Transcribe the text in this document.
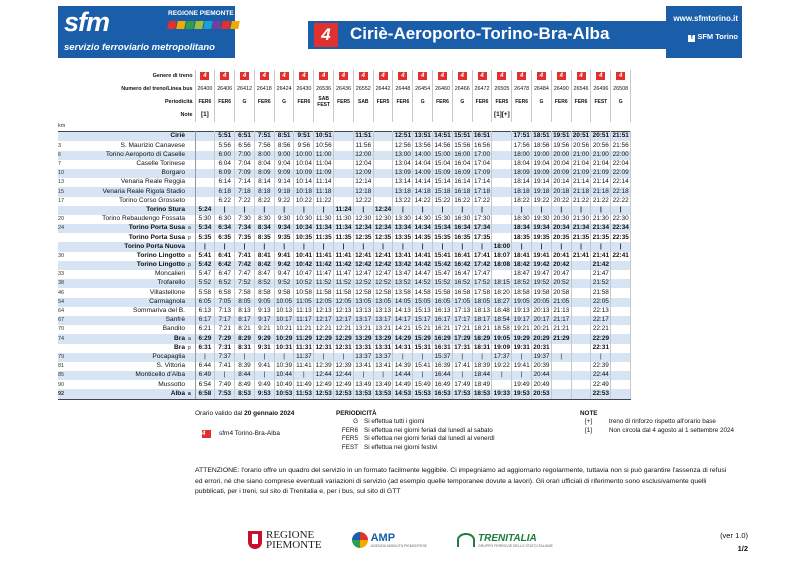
sfm	REGIONE PIEMONTE
servizio ferroviario metropolitano
4	Ciriè-Aeroporto-Torino-Bra-Alba
www.sfmtorino.it
f SFM Torino
	Genere di treno		4	4	4	4	4	4	4	4	4	4	4	4	4	4	4	4	4	4	4	4	4	4
	Numero del treno/Linea bus		26400	26406	26412	26418	26424	26430	26536	26436	26552	26442	26448	26454	26460	26466	26472	26505	26478	26484	26490	26546	26496	26508
	Periodicità		FER6	FER6	G	FER6	G	FER6	SAB FEST	FER5	SAB	FER5	FER6	G	FER6	G	FER6	FER5	FER6	G	FER6	FER6	FEST	G
	Note		[1]															[1][+]						
km																								
	Ciriè			5:51	6:51	7:51	8:51	9:51	10:51		11:51		12:51	13:51	14:51	15:51	16:51		17:51	18:51	19:51	20:51	20:51	21:51
3	S. Maurizio Canavese			5:56	6:56	7:56	8:56	9:56	10:56		11:56		12:56	13:56	14:56	15:56	16:56		17:56	18:56	19:56	20:56	20:56	21:56
6	Torino Aeroporto di Caselle			6:00	7:00	8:00	9:00	10:00	11:00		12:00		13:00	14:00	15:00	16:00	17:00		18:00	19:00	20:00	21:00	21:00	22:00
7	Caselle Torinese			6:04	7:04	8:04	9:04	10:04	11:04		12:04		13:04	14:04	15:04	16:04	17:04		18:04	19:04	20:04	21:04	21:04	22:04
10	Borgaro			6:09	7:09	8:09	9:09	10:09	11:09		12:09		13:09	14:09	15:09	16:09	17:09		18:09	19:09	20:09	21:09	21:09	22:09
13	Venaria Reale Reggia			6:14	7:14	8:14	9:14	10:14	11:14		12:14		13:14	14:14	15:14	16:14	17:14		18:14	19:14	20:14	21:14	21:14	22:14
15	Venaria Reale Rigola Stadio			6:18	7:18	8:18	9:18	10:18	11:18		12:18		13:18	14:18	15:18	16:18	17:18		18:18	19:18	20:18	21:18	21:18	22:18
17	Torino Corso Grosseto			6:22	7:22	8:22	9:22	10:22	11:22		12:22		13:22	14:22	15:22	16:22	17:22		18:22	19:22	20:22	21:22	21:22	22:22
	Torino Stura		5:24	|	|	|	|	|	|	11:24	|	12:24	|	|	|	|	|		|	|	|	|	|	|
20	Torino Rebaudengo Fossata		5:30	6:30	7:30	8:30	9:30	10:30	11:30	11:30	12:30	12:30	13:30	14:30	15:30	16:30	17:30		18:30	19:30	20:30	21:30	21:30	22:30
24	Torino Porta Susa	a	5:34	6:34	7:34	8:34	9:34	10:34	11:34	11:34	12:34	12:34	13:34	14:34	15:34	16:34	17:34		18:34	19:34	20:34	21:34	21:34	22:34
	Torino Porta Susa	p	5:35	6:35	7:35	8:35	9:35	10:35	11:35	11:35	12:35	12:35	13:35	14:35	15:35	16:35	17:35		18:35	19:35	20:35	21:35	21:35	22:35
	Torino Porta Nuova		|	|	|	|	|	|	|	|	|	|	|	|	|	|	|	18:00	|	|	|	|	|	|
30	Torino Lingotto	a	5:41	6:41	7:41	8:41	9:41	10:41	11:41	11:41	12:41	12:41	13:41	14:41	15:41	16:41	17:41	18:07	18:41	19:41	20:41	21:41	21:41	22:41
	Torino Lingotto	p	5:42	6:42	7:42	8:42	9:42	10:42	11:42	11:42	12:42	12:42	13:42	14:42	15:42	16:42	17:42	18:08	18:42	19:42	20:42		21:42	
33	Moncalieri		5:47	6:47	7:47	8:47	9:47	10:47	11:47	11:47	12:47	12:47	13:47	14:47	15:47	16:47	17:47		18:47	19:47	20:47		21:47	
38	Trofarello		5:52	6:52	7:52	8:52	9:52	10:52	11:52	11:52	12:52	12:52	13:52	14:52	15:52	16:52	17:52	18:15	18:52	19:52	20:52		21:52	
46	Villastellone		5:58	6:58	7:58	8:58	9:58	10:58	11:58	11:58	12:58	12:58	13:58	14:58	15:58	16:58	17:58	18:20	18:58	19:58	20:58		21:58	
54	Carmagnola		6:05	7:05	8:05	9:05	10:05	11:05	12:05	12:05	13:05	13:05	14:05	15:05	16:05	17:05	18:05	18:27	19:05	20:05	21:05		22:05	
64	Sommariva del B.		6:13	7:13	8:13	9:13	10:13	11:13	12:13	12:13	13:13	13:13	14:13	15:13	16:13	17:13	18:13	18:48	19:13	20:13	21:13		22:13	
67	Sanfrè		6:17	7:17	8:17	9:17	10:17	11:17	12:17	12:17	13:17	13:17	14:17	15:17	16:17	17:17	18:17	18:54	19:17	20:17	21:17		22:17	
70	Bandito		6:21	7:21	8:21	9:21	10:21	11:21	12:21	12:21	13:21	13:21	14:21	15:21	16:21	17:21	18:21	18:58	19:21	20:21	21:21		22:21	
74	Bra	a	6:29	7:29	8:29	9:29	10:29	11:29	12:29	12:29	13:29	13:29	14:29	15:29	16:29	17:29	18:29	19:05	19:29	20:29	21:29		22:29	
	Bra	p	6:31	7:31	8:31	9:31	10:31	11:31	12:31	12:31	13:31	13:31	14:31	15:31	16:31	17:31	18:31	19:09	19:31	20:31			22:31	
79	Pocapaglia		|	7:37	|	|	|	11:37	|	|	13:37	13:37	|	|	15:37	|	|	17:37	|	19:37	|		|	
81	S. Vittoria		6:44	7:41	8:39	9:41	10:39	11:41	12:39	12:39	13:41	13:41	14:39	15:41	16:39	17:41	18:39	19:22	19:41	20:39			22:39	
85	Monticello d'Alba		6:49	|	8:44	|	10:44	|	12:44	12:44	|	|	14:44	|	16:44	|	18:44	|	|	20:44			22:44	
90	Mussotto		6:54	7:49	8:49	9:49	10:49	11:49	12:49	12:49	13:49	13:49	14:49	15:49	16:49	17:49	18:49		19:49	20:49			22:49	
92	Alba	a	6:58	7:53	8:53	9:53	10:53	11:53	12:53	12:53	13:53	13:53	14:53	15:53	16:53	17:53	18:53	19:33	19:53	20:53			22:53	
Orario valido dal 20 gennaio 2024
4 sfm4 Torino-Bra-Alba
PERIODICITÀ
G Si effettua tutti i giorni
FER6 Si effettua nei giorni feriali dal lunedì al sabato
FER5 Si effettua nei giorni feriali dal lunedì al venerdì
FEST Si effettua nei giorni festivi
NOTE
[+]	treno di rinforzo rispetto all'orario base
[1]	Non circola dal 4 agosto al 1 settembre 2024
ATTENZIONE: l'orario offre un quadro del servizio in un formato facilmente leggibile. Ci impegniamo ad aggiornarlo regolarmente, tuttavia non si può garantire l'assenza di refusi ed errori, né che siano comprese eventuali variazioni di servizio (ad esempio quelle temporanee dovute a lavori). Gli orari ufficiali di riferimento sono esclusivamente quelli pubblicati, per i treni, sul sito di Trenitalia e, per i bus, sul sito di GTT
REGIONE
PIEMONTE
AMP
AGENZIA MOBILITÀ PIEMONTESE
TRENITALIA
GRUPPO FERROVIE DELLO STATO ITALIANE
(ver 1.0)
1/2
